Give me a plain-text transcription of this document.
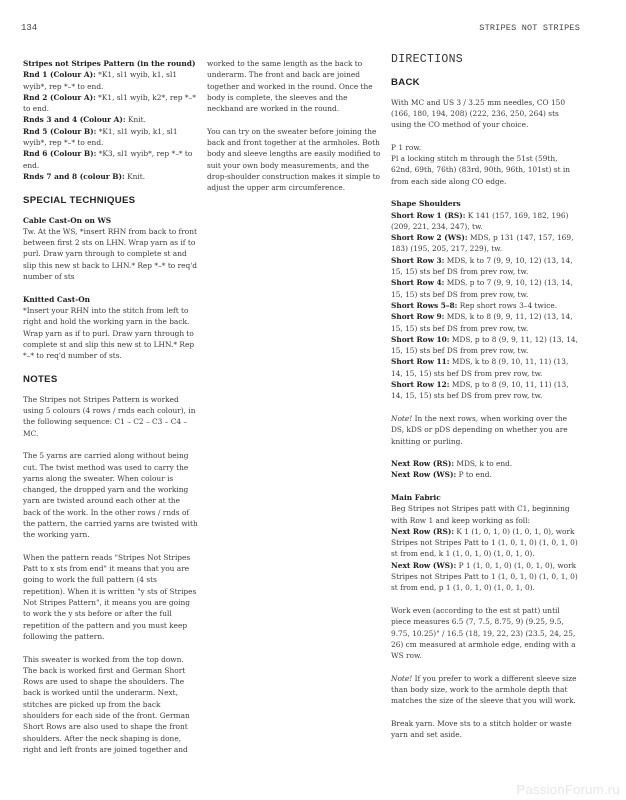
134	STRIPES NOT STRIPES
Stripes not Stripes Pattern (in the round)
Rnd 1 (Colour A): *K1, sl1 wyib, k1, sl1 wyib*, rep *–* to end.
Rnd 2 (Colour A): *K1, sl1 wyib, k2*, rep *–* to end.
Rnds 3 and 4 (Colour A): Knit.
Rnd 5 (Colour B): *K1, sl1 wyib, k1, sl1 wyib*, rep *–* to end.
Rnd 6 (Colour B): *K3, sl1 wyib*, rep *–* to end.
Rnds 7 and 8 (colour B): Knit.
SPECIAL TECHNIQUES
Cable Cast-On on WS

Tw. At the WS, *insert RHN from back to front between first 2 sts on LHN. Wrap yarn as if to purl. Draw yarn through to complete st and slip this new st back to LHN.* Rep *–* to req'd number of sts

Knitted Cast-On

*Insert your RHN into the stitch from left to right and hold the working yarn in the back. Wrap yarn as if to purl. Draw yarn through to complete st and slip this new st to LHN.* Rep *–* to req'd number of sts.

NOTES

The Stripes not Stripes Pattern is worked using 5 colours (4 rows / rnds each colour), in the following sequence: C1 – C2 – C3 – C4 – MC.

The 5 yarns are carried along without being cut. The twist method was used to carry the yarns along the sweater. When colour is changed, the dropped yarn and the working yarn are twisted around each other at the back of the work. In the other rows / rnds of the pattern, the carried yarns are twisted with the working yarn.

When the pattern reads "Stripes Not Stripes Patt to x sts from end" it means that you are going to work the full pattern (4 sts repetition). When it is written "y sts of Stripes Not Stripes Pattern", it means you are going to work the y sts before or after the full repetition of the pattern and you must keep following the pattern.

This sweater is worked from the top down. The back is worked first and German Short Rows are used to shape the shoulders. The back is worked until the underarm. Next, stitches are picked up from the back shoulders for each side of the front. German Short Rows are also used to shape the front shoulders. After the neck shaping is done, right and left fronts are joined together and

worked to the same length as the back to underarm. The front and back are joined together and worked in the round. Once the body is complete, the sleeves and the neckband are worked in the round.

You can try on the sweater before joining the back and front together at the armholes. Both body and sleeve lengths are easily modified to suit your own body measurements, and the drop-shoulder construction makes it simple to adjust the upper arm circumference.

DIRECTIONS
BACK

With MC and US 3 / 3.25 mm needles, CO 150 (166, 180, 194, 208) (222, 236, 250, 264) sts using the CO method of your choice.

P 1 row.

Pl a locking stitch m through the 51st (59th, 62nd, 69th, 76th) (83rd, 90th, 96th, 101st) st in from each side along CO edge.

Shape Shoulders
Short Row 1 (RS): K 141 (157, 169, 182, 196) (209, 221, 234, 247), tw.
Short Row 2 (WS): MDS, p 131 (147, 157, 169, 183) (195, 205, 217, 229), tw.
Short Row 3: MDS, k to 7 (9, 9, 10, 12) (13, 14, 15, 15) sts bef DS from prev row, tw.
Short Row 4: MDS, p to 7 (9, 9, 10, 12) (13, 14, 15, 15) sts bef DS from prev row, tw.
Short Rows 5–8: Rep short rows 3–4 twice.
Short Row 9: MDS, k to 8 (9, 9, 11, 12) (13, 14, 15, 15) sts bef DS from prev row, tw.
Short Row 10: MDS, p to 8 (9, 9, 11, 12) (13, 14, 15, 15) sts bef DS from prev row, tw.
Short Row 11: MDS, k to 8 (9, 10, 11, 11) (13, 14, 15, 15) sts bef DS from prev row, tw.

Short Row 12: MDS, p to 8 (9, 10, 11, 11) (13, 14, 15, 15) sts bef DS from prev row, tw.

Note! In the next rows, when working over the DS, kDS or pDS depending on whether you are knitting or purling.

Next Row (RS): MDS, k to end.

Next Row (WS): P to end.

Main Fabric
Beg Stripes not Stripes patt with C1, beginning with Row 1 and keep working as foll:
Next Row (RS): K 1 (1, 0, 1, 0) (1, 0, 1, 0), work Stripes not Stripes Patt to 1 (1, 0, 1, 0) (1, 0, 1, 0) st from end, k 1 (1, 0, 1, 0) (1, 0, 1, 0).

Next Row (WS): P 1 (1, 0, 1, 0) (1, 0, 1, 0), work Stripes not Stripes Patt to 1 (1, 0, 1, 0) (1, 0, 1, 0) st from end, p 1 (1, 0, 1, 0) (1, 0, 1, 0).

Work even (according to the est st patt) until piece measures 6.5 (7, 7.5, 8.75, 9) (9.25, 9.5, 9.75, 10.25)" / 16.5 (18, 19, 22, 23) (23.5, 24, 25, 26) cm measured at armhole edge, ending with a WS row.

Note! If you prefer to work a different sleeve size than body size, work to the armhole depth that matches the size of the sleeve that you will work.

Break yarn. Move sts to a stitch holder or waste yarn and set aside.

PassionForum.ru
